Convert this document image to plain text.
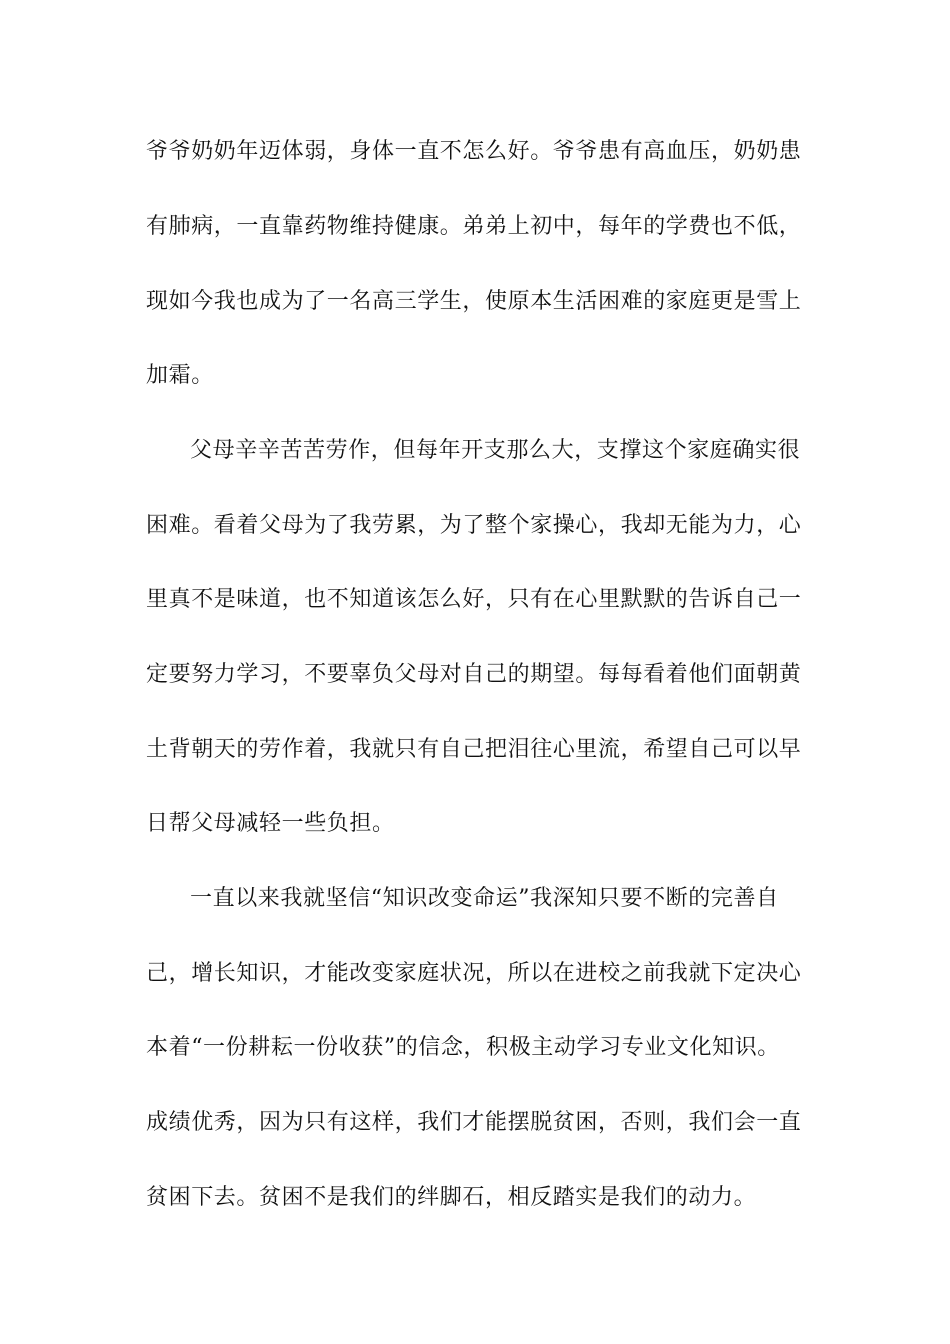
爷爷奶奶年迈体弱，身体一直不怎么好。爷爷患有高血压，奶奶患
有肺病，一直靠药物维持健康。弟弟上初中，每年的学费也不低，
现如今我也成为了一名高三学生，使原本生活困难的家庭更是雪上
加霜。
父母辛辛苦苦劳作，但每年开支那么大，支撑这个家庭确实很
困难。看着父母为了我劳累，为了整个家操心，我却无能为力，心
里真不是味道，也不知道该怎么好，只有在心里默默的告诉自己一
定要努力学习，不要辜负父母对自己的期望。每每看着他们面朝黄
土背朝天的劳作着，我就只有自己把泪往心里流，希望自己可以早
日帮父母减轻一些负担。
一直以来我就坚信“知识改变命运”我深知只要不断的完善自
己，增长知识，才能改变家庭状况，所以在进校之前我就下定决心
本着“一份耕耘一份收获”的信念，积极主动学习专业文化知识。
成绩优秀，因为只有这样，我们才能摆脱贫困，否则，我们会一直
贫困下去。贫困不是我们的绊脚石，相反踏实是我们的动力。
